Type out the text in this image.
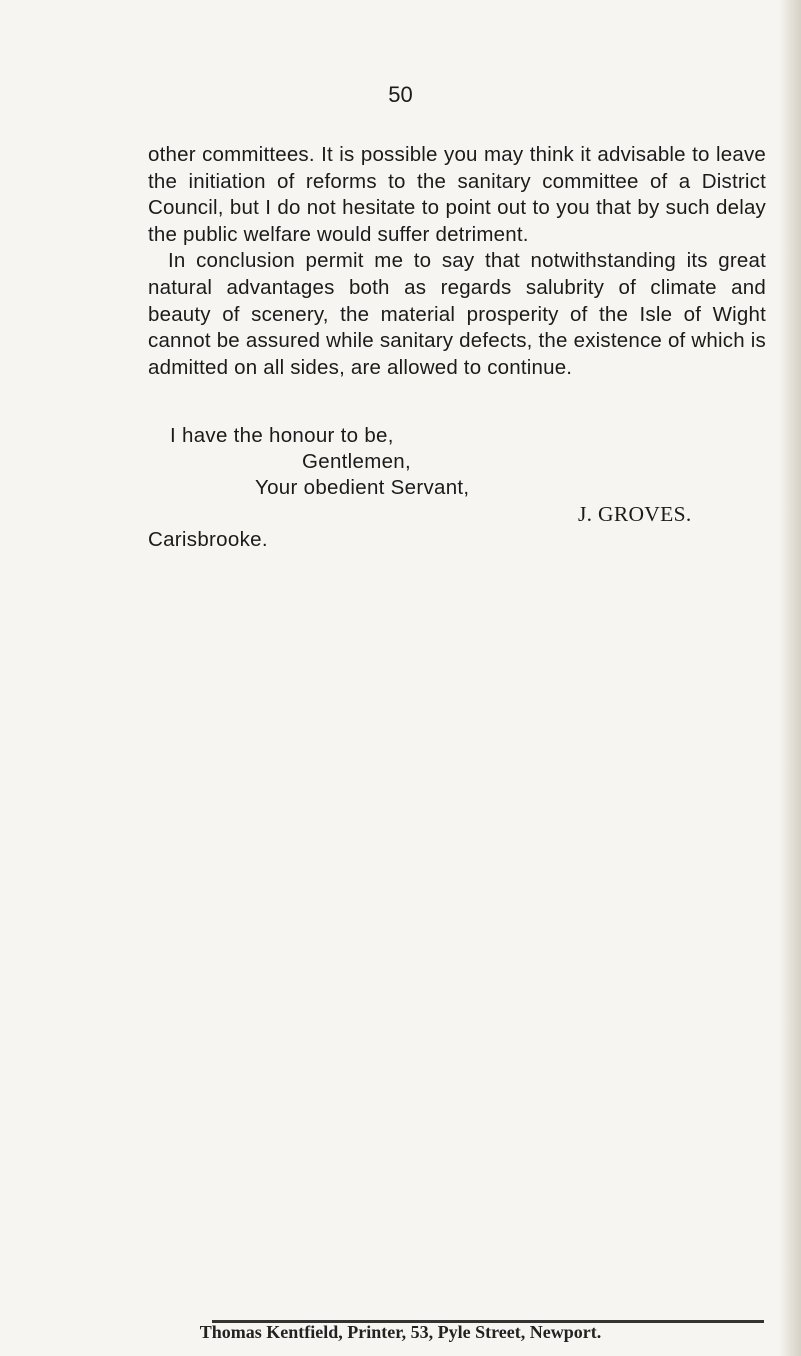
50

other committees. It is possible you may think it advisable to leave the initiation of reforms to the sanitary committee of a District Council, but I do not hesitate to point out to you that by such delay the public welfare would suffer detriment.

In conclusion permit me to say that notwithstanding its great natural advantages both as regards salubrity of climate and beauty of scenery, the material prosperity of the Isle of Wight cannot be assured while sanitary defects, the existence of which is admitted on all sides, are allowed to continue.

I have the honour to be,
Gentlemen,
Your obedient Servant,
J. GROVES.
Carisbrooke.
Thomas Kentfield, Printer, 53, Pyle Street, Newport.
